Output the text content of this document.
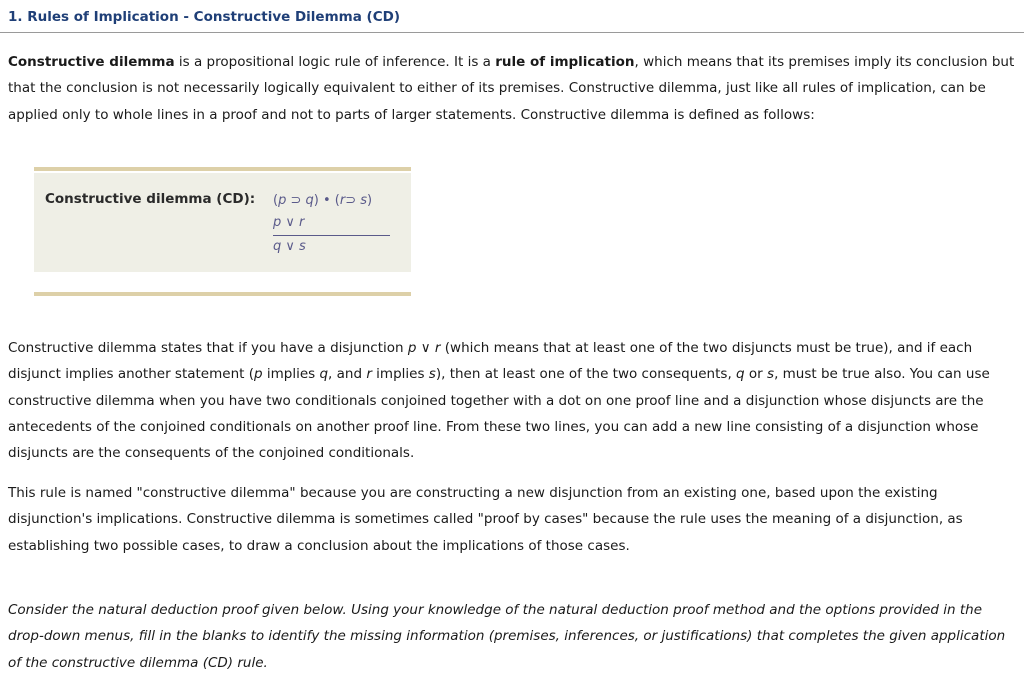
1. Rules of Implication - Constructive Dilemma (CD)
Constructive dilemma is a propositional logic rule of inference. It is a rule of implication, which means that its premises imply its conclusion but that the conclusion is not necessarily logically equivalent to either of its premises. Constructive dilemma, just like all rules of implication, can be applied only to whole lines in a proof and not to parts of larger statements. Constructive dilemma is defined as follows:
Constructive dilemma (CD): (p ⊃ q) • (r⊃ s)
p ∨ r
q ∨ s
Constructive dilemma states that if you have a disjunction p ∨ r (which means that at least one of the two disjuncts must be true), and if each disjunct implies another statement (p implies q, and r implies s), then at least one of the two consequents, q or s, must be true also. You can use constructive dilemma when you have two conditionals conjoined together with a dot on one proof line and a disjunction whose disjuncts are the antecedents of the conjoined conditionals on another proof line. From these two lines, you can add a new line consisting of a disjunction whose disjuncts are the consequents of the conjoined conditionals.
This rule is named "constructive dilemma" because you are constructing a new disjunction from an existing one, based upon the existing disjunction's implications. Constructive dilemma is sometimes called "proof by cases" because the rule uses the meaning of a disjunction, as establishing two possible cases, to draw a conclusion about the implications of those cases.
Consider the natural deduction proof given below. Using your knowledge of the natural deduction proof method and the options provided in the drop-down menus, fill in the blanks to identify the missing information (premises, inferences, or justifications) that completes the given application of the constructive dilemma (CD) rule.
